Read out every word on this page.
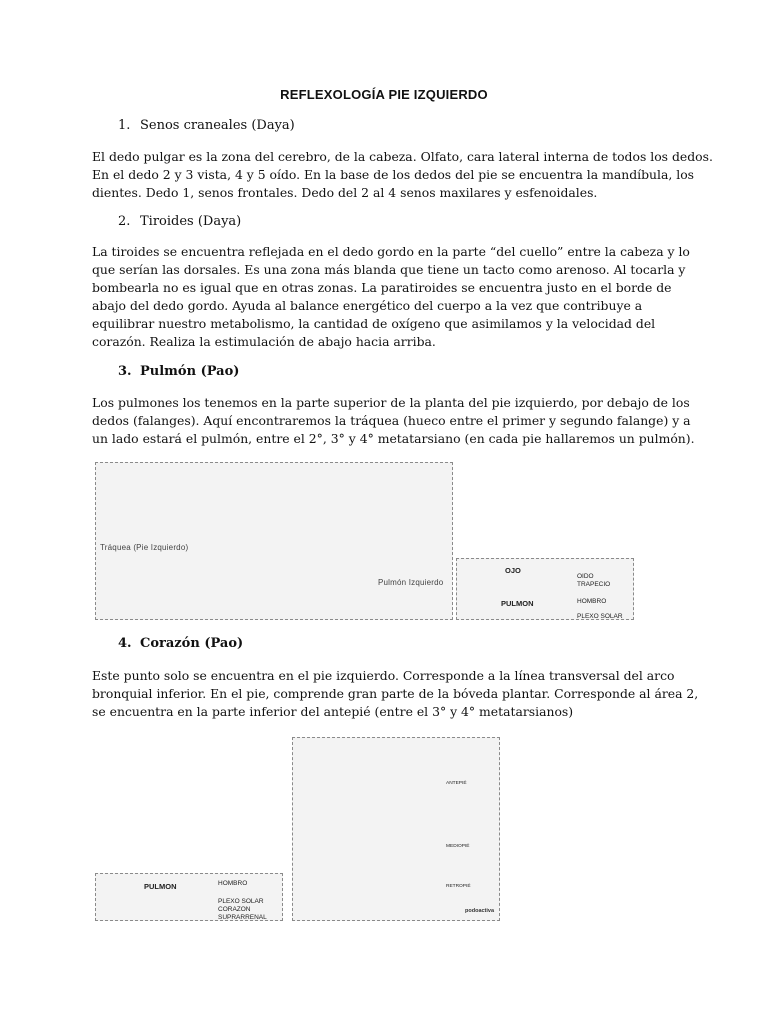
REFLEXOLOGÍA PIE IZQUIERDO
1. Senos craneales (Daya)

El dedo pulgar es la zona del cerebro, de la cabeza. Olfato, cara lateral interna de todos los dedos.

En el dedo 2 y 3 vista, 4 y 5 oído. En la base de los dedos del pie se encuentra la mandíbula, los

dientes. Dedo 1, senos frontales. Dedo del 2 al 4 senos maxilares y esfenoidales.

2. Tiroides (Daya)

La tiroides se encuentra reflejada en el dedo gordo en la parte “del cuello” entre la cabeza y lo

que serían las dorsales. Es una zona más blanda que tiene un tacto como arenoso. Al tocarla y

bombearla no es igual que en otras zonas. La paratiroides se encuentra justo en el borde de

abajo del dedo gordo. Ayuda al balance energético del cuerpo a la vez que contribuye a

equilibrar nuestro metabolismo, la cantidad de oxígeno que asimilamos y la velocidad del

corazón. Realiza la estimulación de abajo hacia arriba.

3. Pulmón (Pao)

Los pulmones los tenemos en la parte superior de la planta del pie izquierdo, por debajo de los

dedos (falanges). Aquí encontraremos la tráquea (hueco entre el primer y segundo falange) y a

un lado estará el pulmón, entre el 2°, 3° y 4° metatarsiano (en cada pie hallaremos un pulmón).

Tráquea (Pie Izquierdo)
Pulmón Izquierdo
OJO
PULMON
OIDO
TRAPECIO
HOMBRO
PLEXO SOLAR
4. Corazón (Pao)

Este punto solo se encuentra en el pie izquierdo. Corresponde a la línea transversal del arco

bronquial inferior. En el pie, comprende gran parte de la bóveda plantar. Corresponde al área 2,

se encuentra en la parte inferior del antepié (entre el 3° y 4° metatarsianos)

ANTEPIÉ
MEDIOPIÉ
RETROPIÉ
podoactiva
PULMON	HOMBRO
PLEXO SOLAR
CORAZON
SUPRARRENAL
